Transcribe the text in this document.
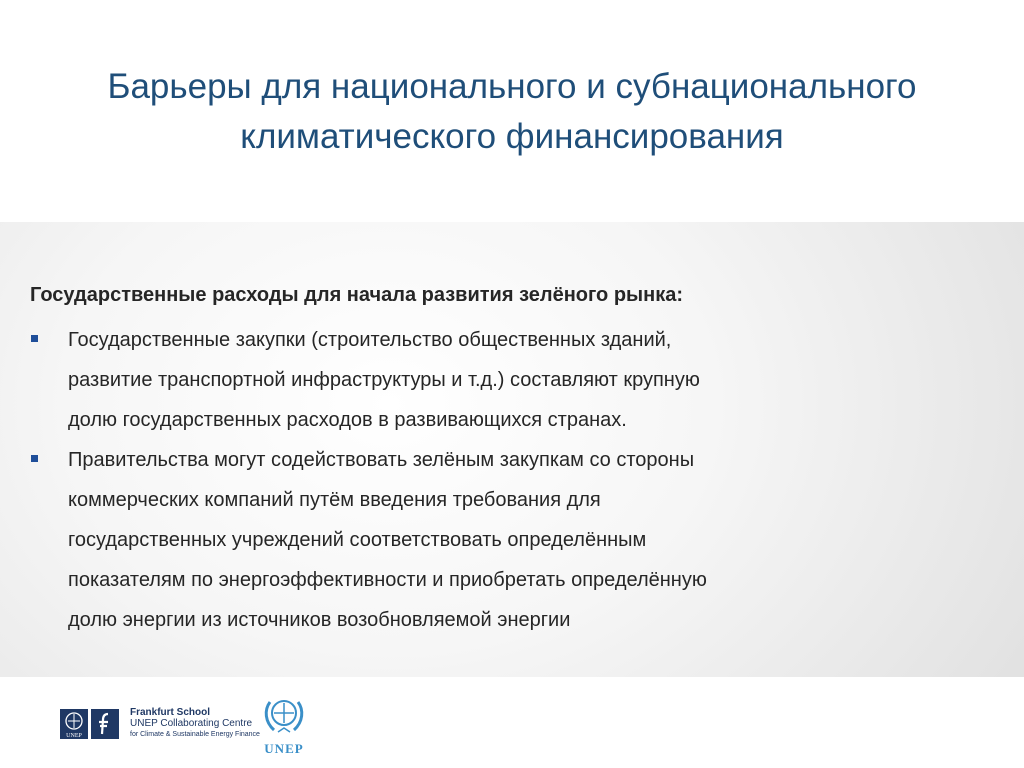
Барьеры для национального и субнационального
климатического финансирования

Государственные расходы для начала развития зелёного рынка:

Государственные закупки (строительство общественных зданий,
развитие транспортной инфраструктуры и т.д.) составляют крупную
долю государственных расходов в развивающихся странах.
Правительства могут содействовать зелёным закупкам со стороны
коммерческих компаний путём введения требования для
государственных учреждений соответствовать определённым
показателям по энергоэффективности и приобретать определённую
долю энергии из источников возобновляемой энергии
UNEP
Frankfurt School
UNEP Collaborating Centre
for Climate & Sustainable Energy Finance
UNEP
